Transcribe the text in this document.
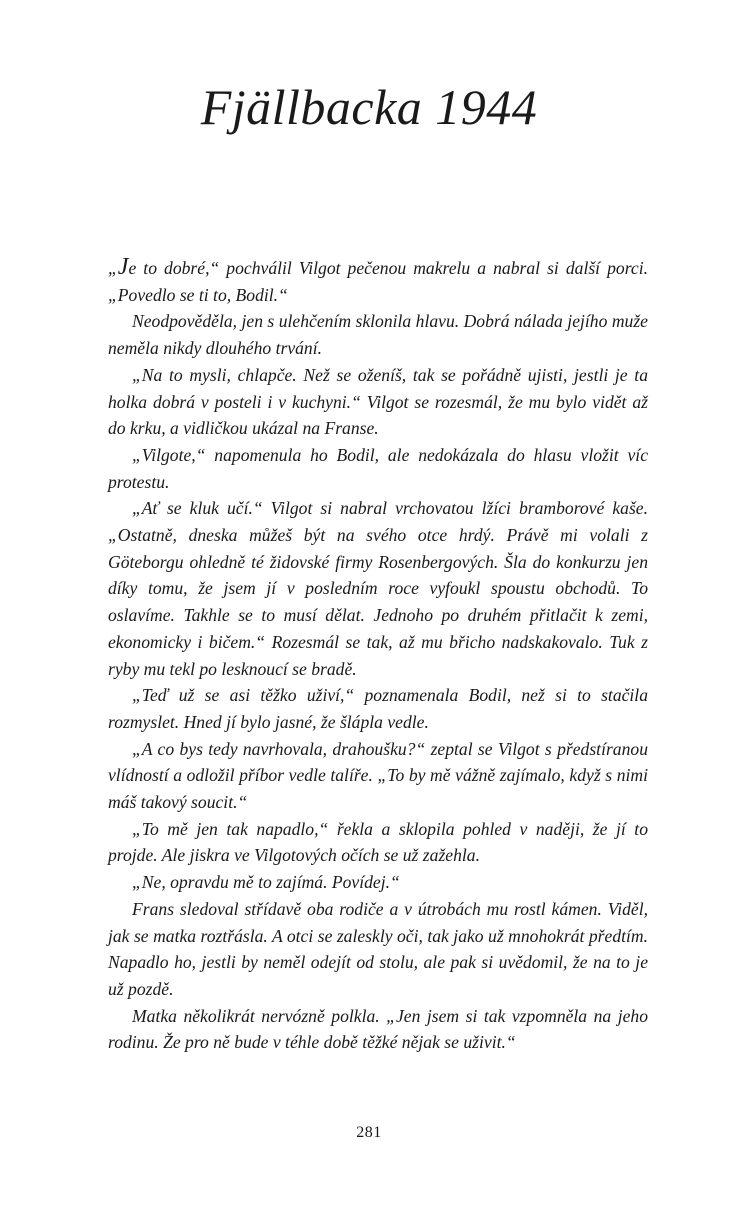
Fjällbacka 1944

„Je to dobré,“ pochválil Vilgot pečenou makrelu a nabral si další porci. „Povedlo se ti to, Bodil.“

Neodpověděla, jen s ulehčením sklonila hlavu. Dobrá nálada jejího muže neměla nikdy dlouhého trvání.

„Na to mysli, chlapče. Než se oženíš, tak se pořádně ujisti, jestli je ta holka dobrá v posteli i v kuchyni.“ Vilgot se rozesmál, že mu bylo vidět až do krku, a vidličkou ukázal na Franse.

„Vilgote,“ napomenula ho Bodil, ale nedokázala do hlasu vložit víc protestu.

„Ať se kluk učí.“ Vilgot si nabral vrchovatou lžíci bramborové kaše. „Ostatně, dneska můžeš být na svého otce hrdý. Právě mi volali z Göteborgu ohledně té židovské firmy Rosenbergových. Šla do konkurzu jen díky tomu, že jsem jí v posledním roce vyfoukl spoustu obchodů. To oslavíme. Takhle se to musí dělat. Jednoho po druhém přitlačit k zemi, ekonomicky i bičem.“ Rozesmál se tak, až mu břicho nadskakovalo. Tuk z ryby mu tekl po lesknoucí se bradě.

„Teď už se asi těžko uživí,“ poznamenala Bodil, než si to stačila rozmyslet. Hned jí bylo jasné, že šlápla vedle.

„A co bys tedy navrhovala, drahoušku?“ zeptal se Vilgot s předstíranou vlídností a odložil příbor vedle talíře. „To by mě vážně zajímalo, když s nimi máš takový soucit.“

„To mě jen tak napadlo,“ řekla a sklopila pohled v naději, že jí to projde. Ale jiskra ve Vilgotových očích se už zažehla.

„Ne, opravdu mě to zajímá. Povídej.“

Frans sledoval střídavě oba rodiče a v útrobách mu rostl kámen. Viděl, jak se matka roztřásla. A otci se zaleskly oči, tak jako už mnohokrát předtím. Napadlo ho, jestli by neměl odejít od stolu, ale pak si uvědomil, že na to je už pozdě.

Matka několikrát nervózně polkla. „Jen jsem si tak vzpomněla na jeho rodinu. Že pro ně bude v téhle době těžké nějak se uživit.“

281
